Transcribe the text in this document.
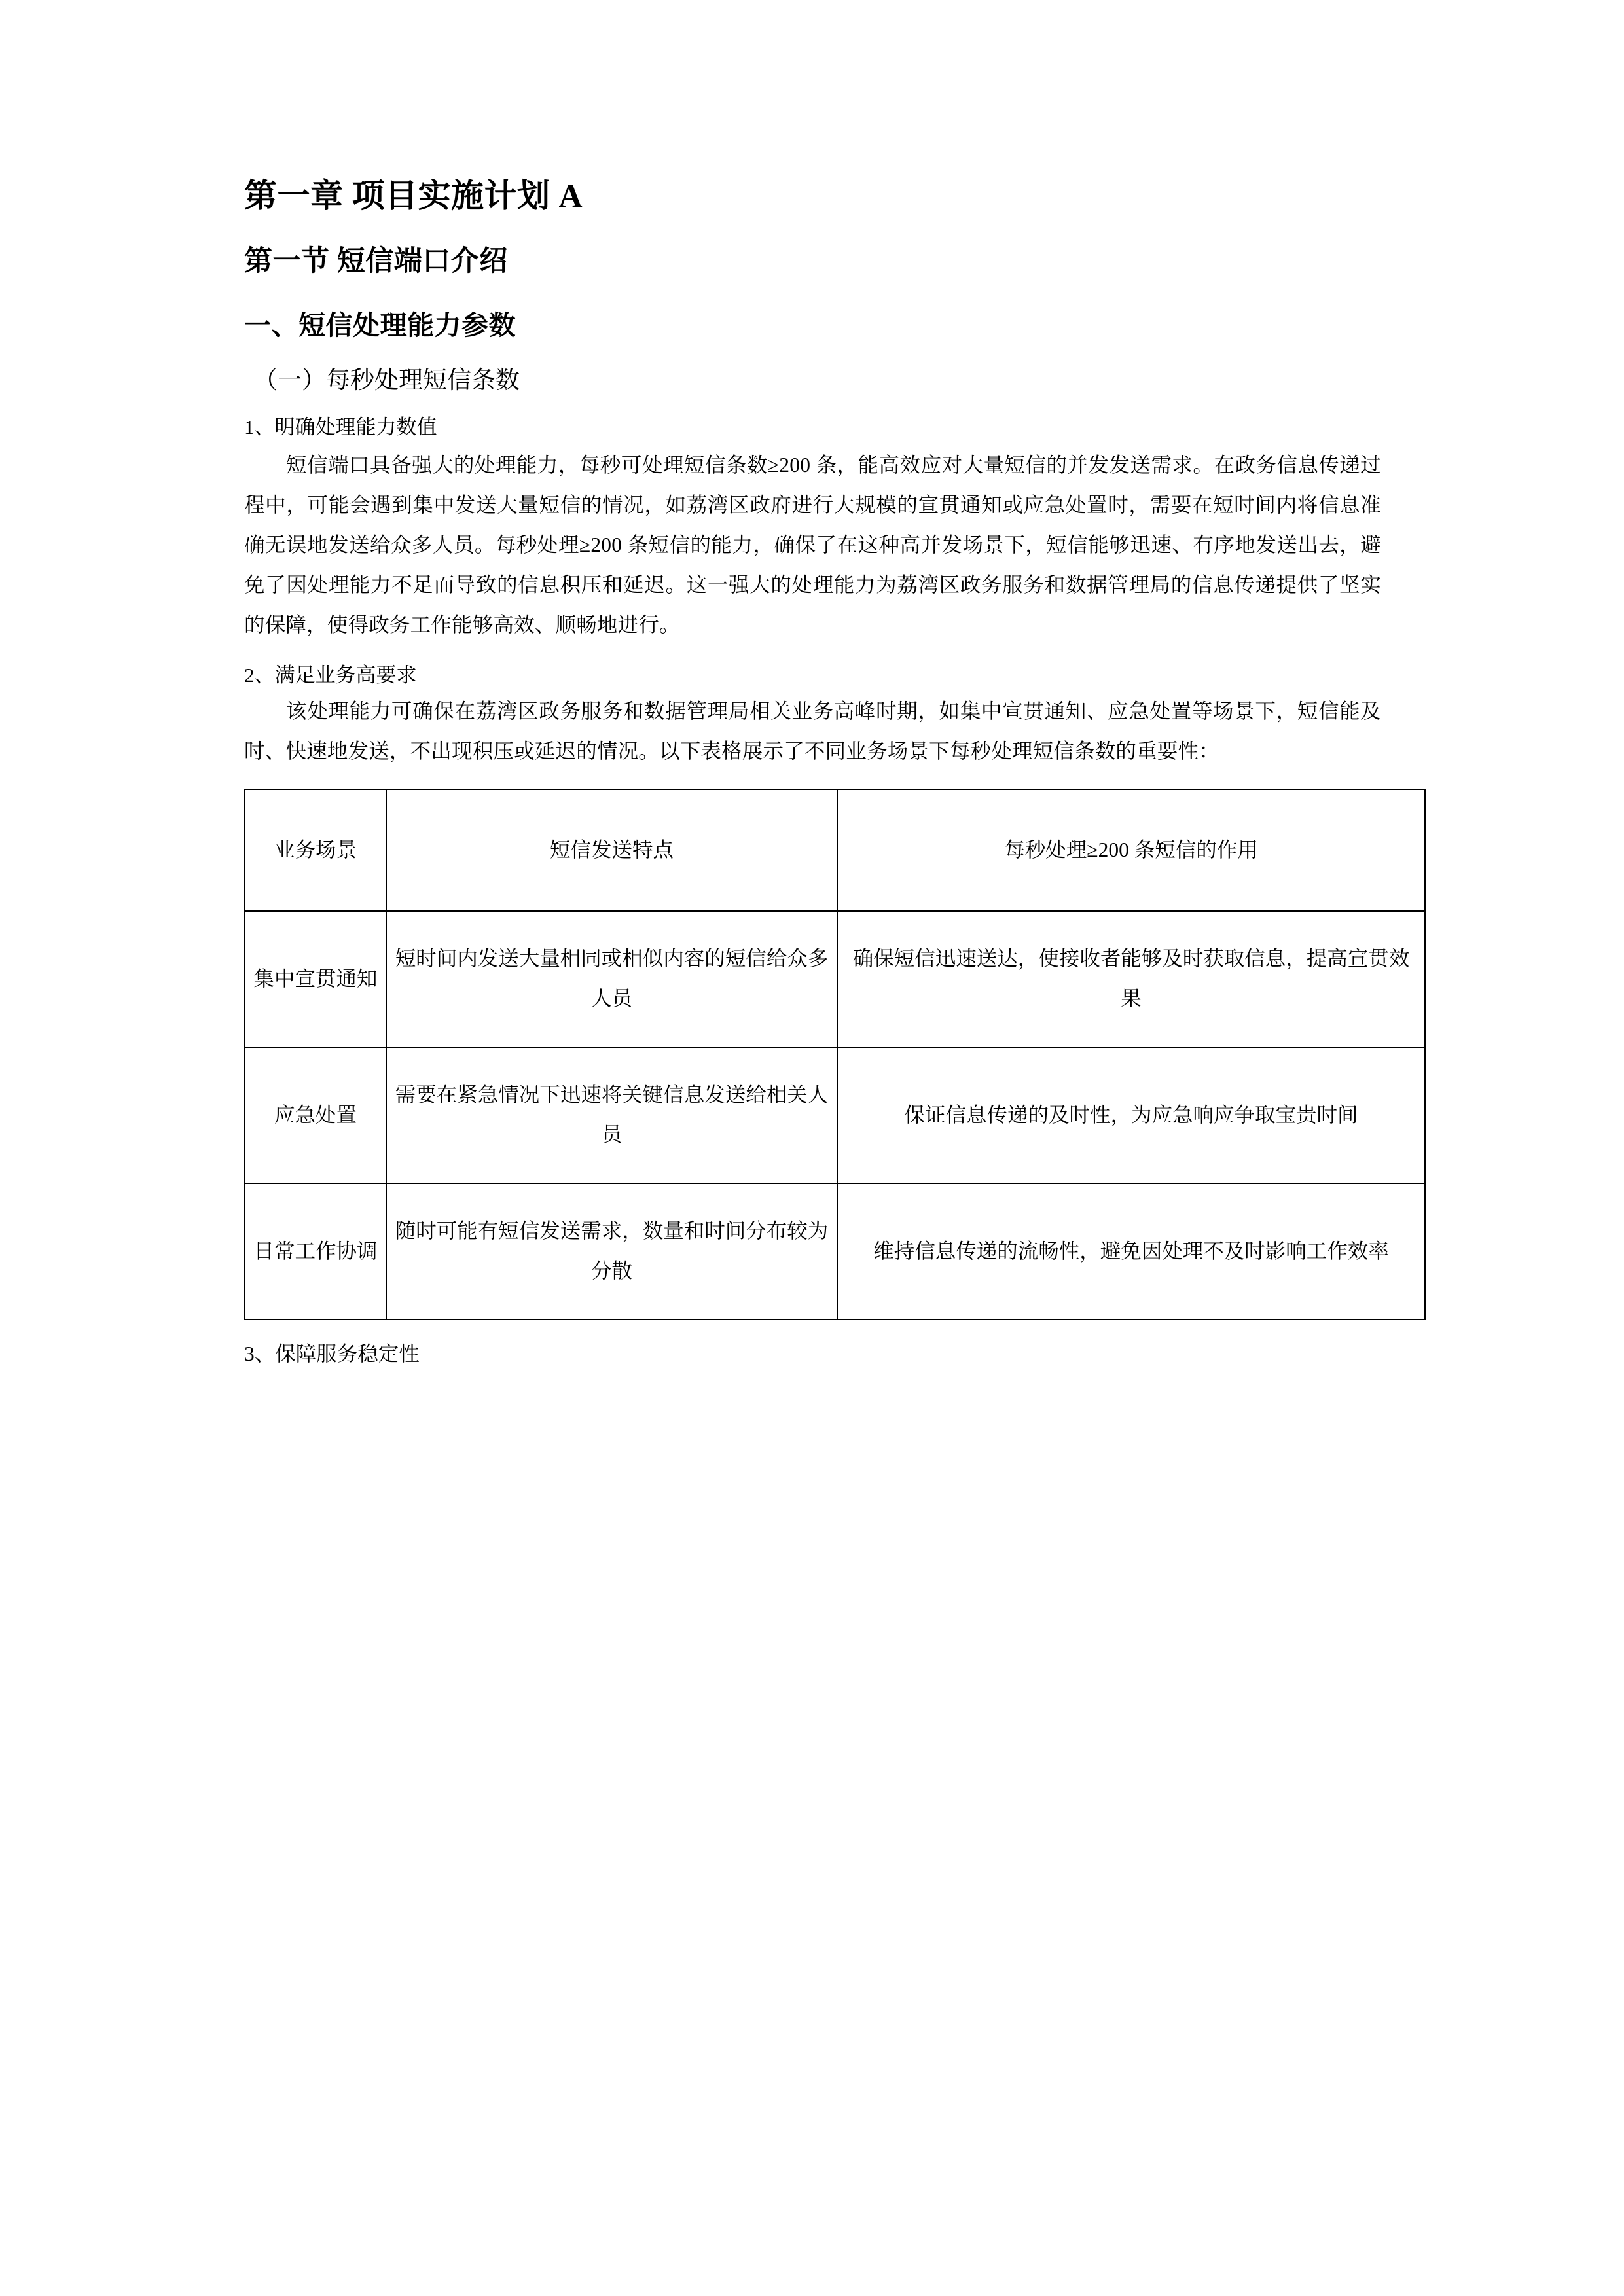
第一章 项目实施计划 A
第一节 短信端口介绍
一、短信处理能力参数
（一）每秒处理短信条数

1、明确处理能力数值

短信端口具备强大的处理能力，每秒可处理短信条数≥200 条，能高效应对大量短信的并发发送需求。在政务信息传递过程中，可能会遇到集中发送大量短信的情况，如荔湾区政府进行大规模的宣贯通知或应急处置时，需要在短时间内将信息准确无误地发送给众多人员。每秒处理≥200 条短信的能力，确保了在这种高并发场景下，短信能够迅速、有序地发送出去，避免了因处理能力不足而导致的信息积压和延迟。这一强大的处理能力为荔湾区政务服务和数据管理局的信息传递提供了坚实的保障，使得政务工作能够高效、顺畅地进行。

2、满足业务高要求

该处理能力可确保在荔湾区政务服务和数据管理局相关业务高峰时期，如集中宣贯通知、应急处置等场景下，短信能及时、快速地发送，不出现积压或延迟的情况。以下表格展示了不同业务场景下每秒处理短信条数的重要性：

业务场景	短信发送特点	每秒处理≥200 条短信的作用
集中宣贯通知	短时间内发送大量相同或相似内容的短信给众多人员	确保短信迅速送达，使接收者能够及时获取信息，提高宣贯效果
应急处置	需要在紧急情况下迅速将关键信息发送给相关人员	保证信息传递的及时性，为应急响应争取宝贵时间
日常工作协调	随时可能有短信发送需求，数量和时间分布较为分散	维持信息传递的流畅性，避免因处理不及时影响工作效率

3、保障服务稳定性
